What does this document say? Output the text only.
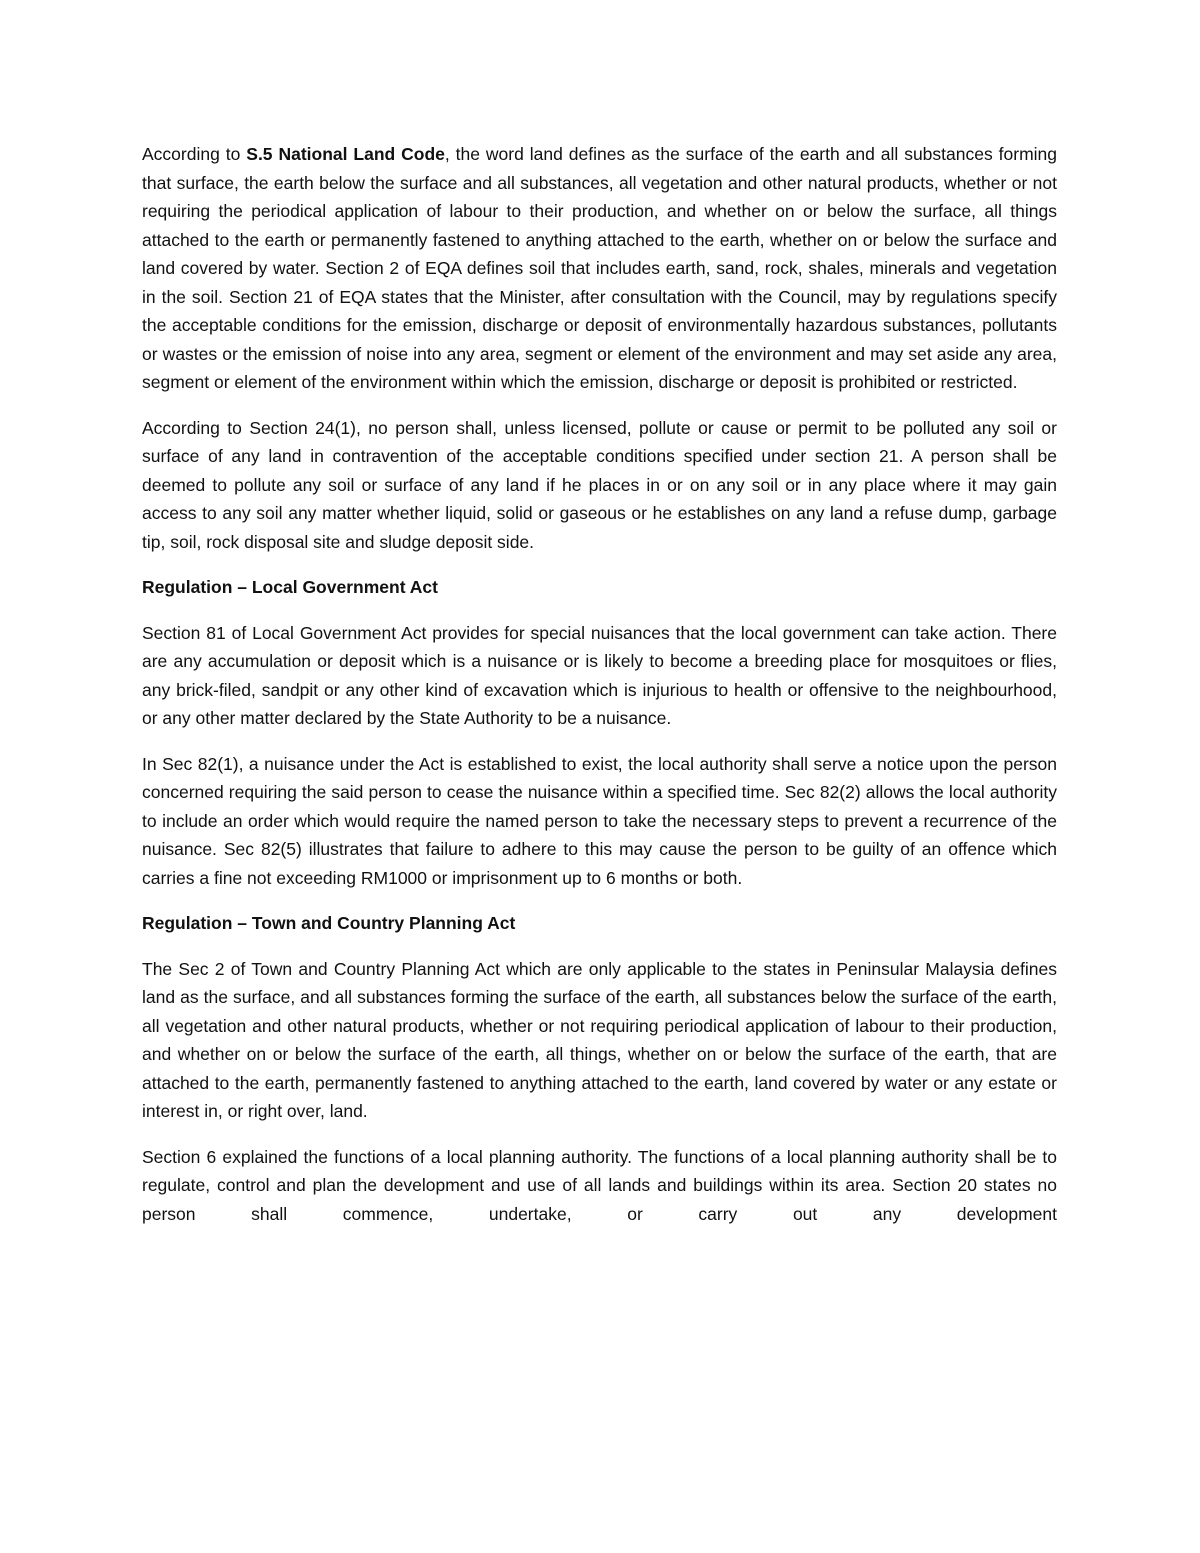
According to S.5 National Land Code, the word land defines as the surface of the earth and all substances forming that surface, the earth below the surface and all substances, all vegetation and other natural products, whether or not requiring the periodical application of labour to their production, and whether on or below the surface, all things attached to the earth or permanently fastened to anything attached to the earth, whether on or below the surface and land covered by water. Section 2 of EQA defines soil that includes earth, sand, rock, shales, minerals and vegetation in the soil. Section 21 of EQA states that the Minister, after consultation with the Council, may by regulations specify the acceptable conditions for the emission, discharge or deposit of environmentally hazardous substances, pollutants or wastes or the emission of noise into any area, segment or element of the environment and may set aside any area, segment or element of the environment within which the emission, discharge or deposit is prohibited or restricted.

According to Section 24(1), no person shall, unless licensed, pollute or cause or permit to be polluted any soil or surface of any land in contravention of the acceptable conditions specified under section 21. A person shall be deemed to pollute any soil or surface of any land if he places in or on any soil or in any place where it may gain access to any soil any matter whether liquid, solid or gaseous or he establishes on any land a refuse dump, garbage tip, soil, rock disposal site and sludge deposit side.

Regulation – Local Government Act

Section 81 of Local Government Act provides for special nuisances that the local government can take action. There are any accumulation or deposit which is a nuisance or is likely to become a breeding place for mosquitoes or flies, any brick-filed, sandpit or any other kind of excavation which is injurious to health or offensive to the neighbourhood, or any other matter declared by the State Authority to be a nuisance.

In Sec 82(1), a nuisance under the Act is established to exist, the local authority shall serve a notice upon the person concerned requiring the said person to cease the nuisance within a specified time. Sec 82(2) allows the local authority to include an order which would require the named person to take the necessary steps to prevent a recurrence of the nuisance. Sec 82(5) illustrates that failure to adhere to this may cause the person to be guilty of an offence which carries a fine not exceeding RM1000 or imprisonment up to 6 months or both.

Regulation – Town and Country Planning Act

The Sec 2 of Town and Country Planning Act which are only applicable to the states in Peninsular Malaysia defines land as the surface, and all substances forming the surface of the earth, all substances below the surface of the earth, all vegetation and other natural products, whether or not requiring periodical application of labour to their production, and whether on or below the surface of the earth, all things, whether on or below the surface of the earth, that are attached to the earth, permanently fastened to anything attached to the earth, land covered by water or any estate or interest in, or right over, land.

Section 6 explained the functions of a local planning authority. The functions of a local planning authority shall be to regulate, control and plan the development and use of all lands and buildings within its area. Section 20 states no person shall commence, undertake, or carry out any development
